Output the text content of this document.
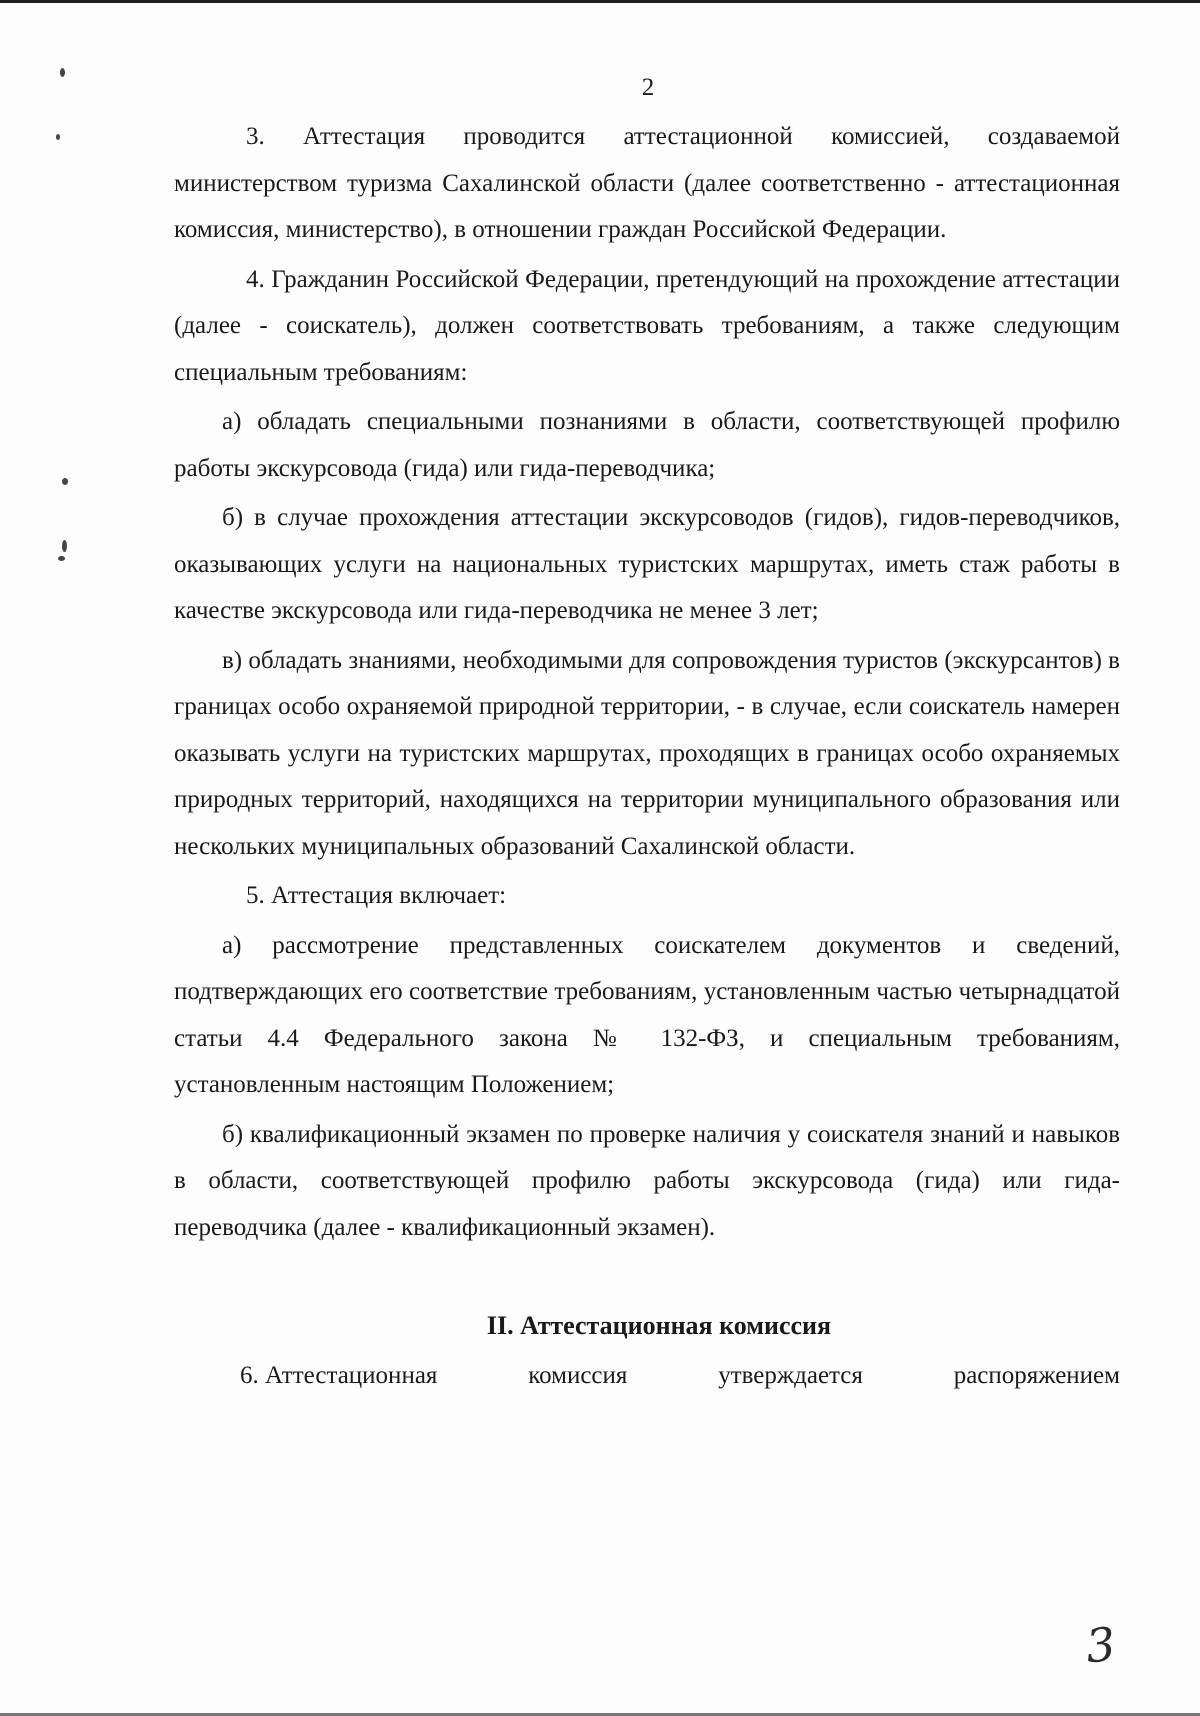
2

3. Аттестация проводится аттестационной комиссией, создаваемой министерством туризма Сахалинской области (далее соответственно - аттестационная комиссия, министерство), в отношении граждан Российской Федерации.

4. Гражданин Российской Федерации, претендующий на прохождение аттестации (далее - соискатель), должен соответствовать требованиям, а также следующим специальным требованиям:

а) обладать специальными познаниями в области, соответствующей профилю работы экскурсовода (гида) или гида-переводчика;

б) в случае прохождения аттестации экскурсоводов (гидов), гидов-переводчиков, оказывающих услуги на национальных туристских маршрутах, иметь стаж работы в качестве экскурсовода или гида-переводчика не менее 3 лет;

в) обладать знаниями, необходимыми для сопровождения туристов (экскурсантов) в границах особо охраняемой природной территории, - в случае, если соискатель намерен оказывать услуги на туристских маршрутах, проходящих в границах особо охраняемых природных территорий, находящихся на территории муниципального образования или нескольких муниципальных образований Сахалинской области.

5. Аттестация включает:

а) рассмотрение представленных соискателем документов и сведений, подтверждающих его соответствие требованиям, установленным частью четырнадцатой статьи 4.4 Федерального закона № 132-ФЗ, и специальным требованиям, установленным настоящим Положением;

б) квалификационный экзамен по проверке наличия у соискателя знаний и навыков в области, соответствующей профилю работы экскурсовода (гида) или гида-переводчика (далее - квалификационный экзамен).

II. Аттестационная комиссия

6. Аттестационная	комиссия	утверждается	распоряжением
3
